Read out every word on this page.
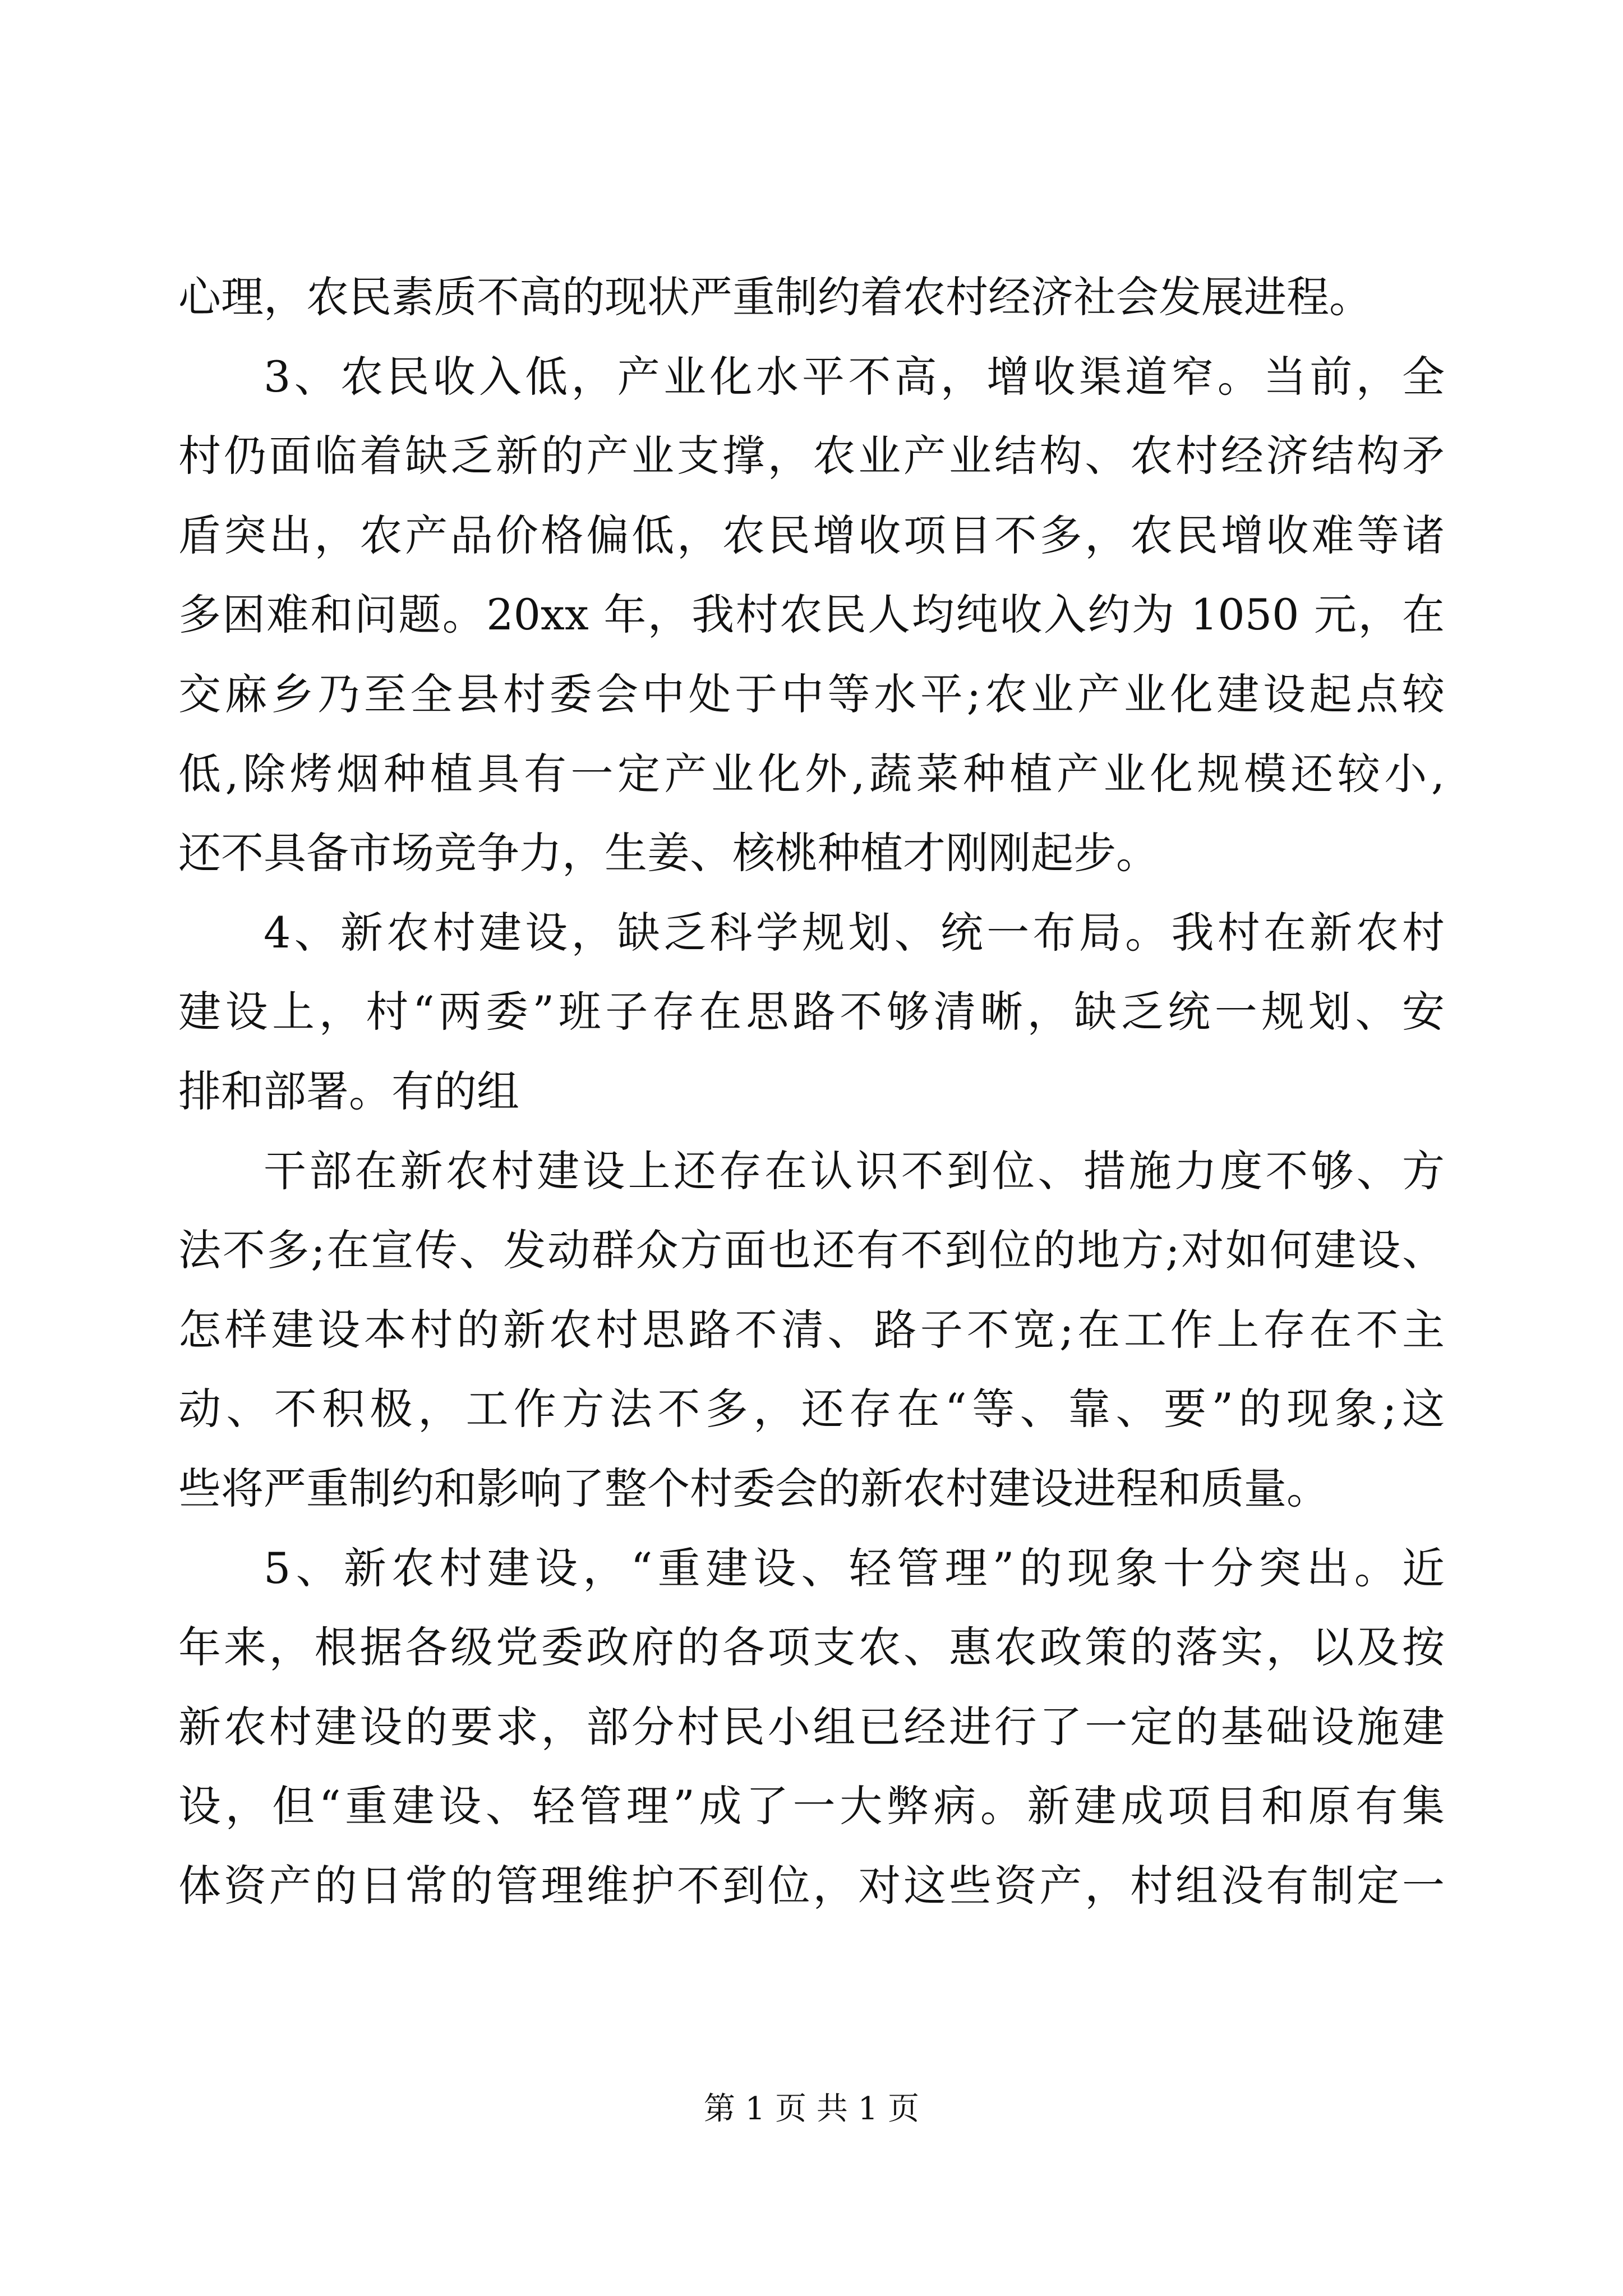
心理，农民素质不高的现状严重制约着农村经济社会发展进程。
3、农民收入低，产业化水平不高，增收渠道窄。当前，全
村仍面临着缺乏新的产业支撑，农业产业结构、农村经济结构矛
盾突出，农产品价格偏低，农民增收项目不多，农民增收难等诸
多困难和问题。20xx 年，我村农民人均纯收入约为 1050 元，在
交麻乡乃至全县村委会中处于中等水平;农业产业化建设起点较
低,除烤烟种植具有一定产业化外,蔬菜种植产业化规模还较小,
还不具备市场竞争力，生姜、核桃种植才刚刚起步。
4、新农村建设，缺乏科学规划、统一布局。我村在新农村
建设上，村“两委”班子存在思路不够清晰，缺乏统一规划、安
排和部署。有的组
干部在新农村建设上还存在认识不到位、措施力度不够、方
法不多;在宣传、发动群众方面也还有不到位的地方;对如何建设、
怎样建设本村的新农村思路不清、路子不宽;在工作上存在不主
动、不积极，工作方法不多，还存在“等、靠、要”的现象;这
些将严重制约和影响了整个村委会的新农村建设进程和质量。
5、新农村建设，“重建设、轻管理”的现象十分突出。近
年来，根据各级党委政府的各项支农、惠农政策的落实，以及按
新农村建设的要求，部分村民小组已经进行了一定的基础设施建
设，但“重建设、轻管理”成了一大弊病。新建成项目和原有集
体资产的日常的管理维护不到位，对这些资产，村组没有制定一
第 1 页 共 1 页
